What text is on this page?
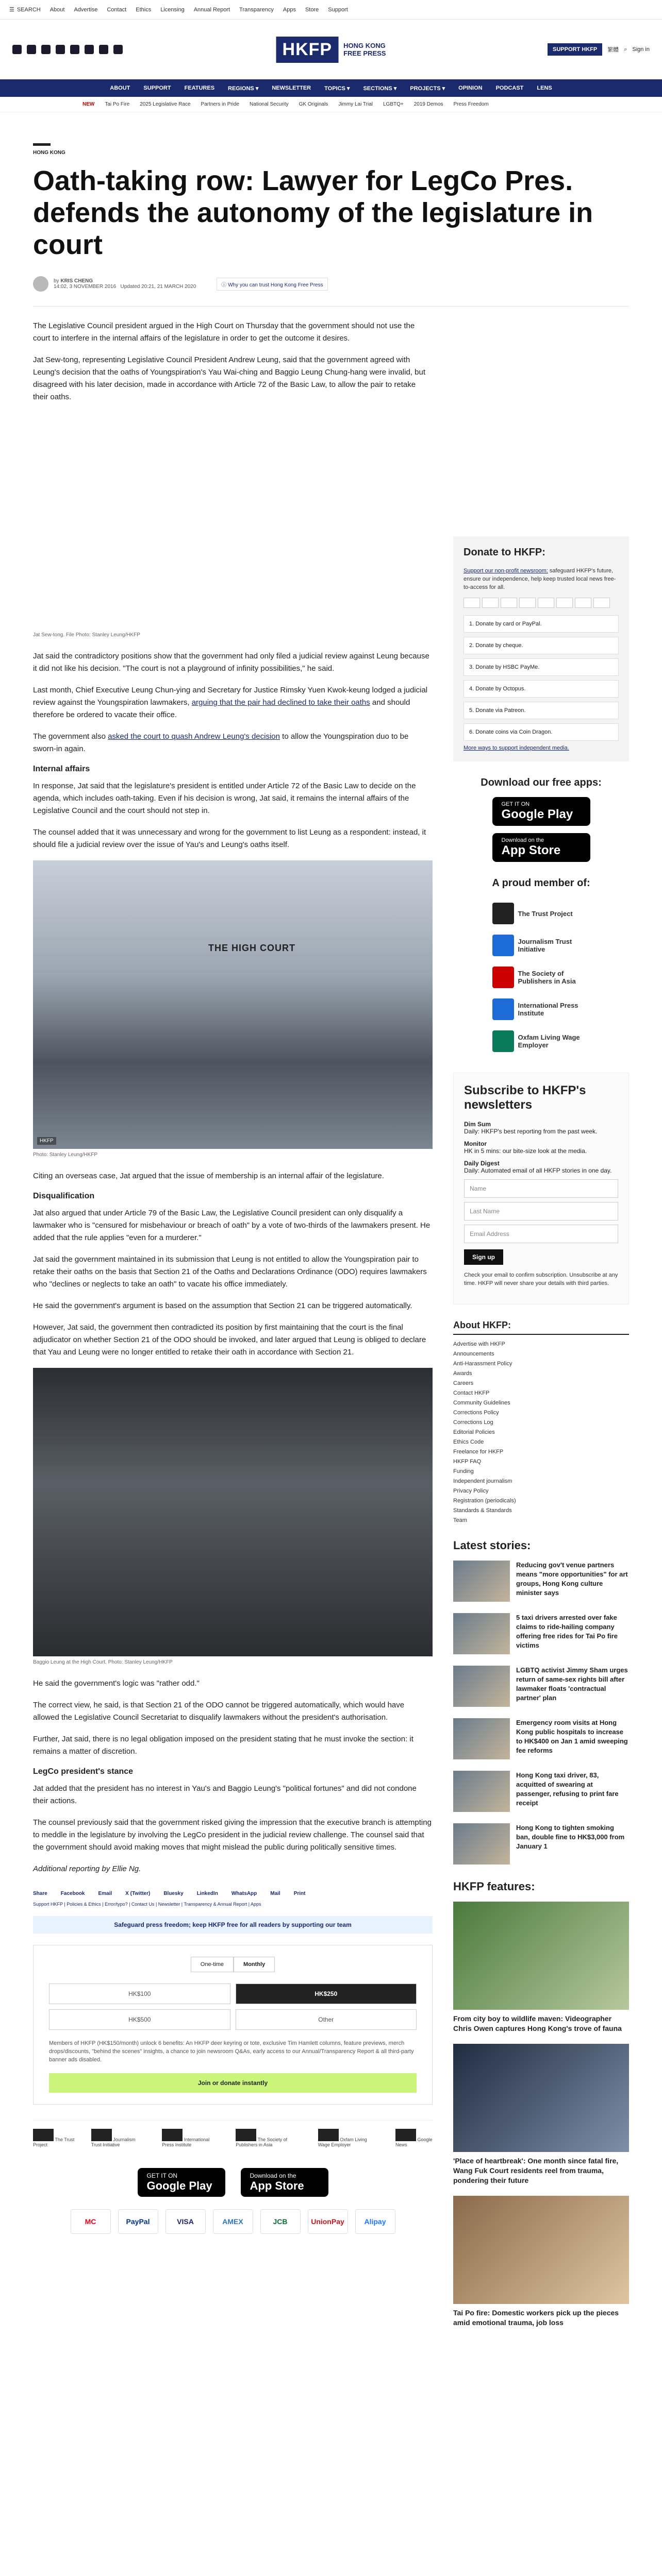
☰ SEARCH About Advertise Contact Ethics Licensing Annual Report Transparency Apps Store Support
HKFP	HONG KONG
FREE PRESS	SUPPORT HKFP	繁體 ⌕ Sign in
ABOUT SUPPORT FEATURES REGIONS ▾ NEWSLETTER TOPICS ▾ SECTIONS ▾ PROJECTS ▾ OPINION PODCAST LENS
NEW Tai Po Fire 2025 Legislative Race Partners in Pride National Security GK Originals Jimmy Lai Trial LGBTQ+ 2019 Demos Press Freedom
HONG KONG
Oath-taking row: Lawyer for LegCo Pres. defends the autonomy of the legislature in court
by KRIS CHENG
14:02, 3 NOVEMBER 2016 Updated 20:21, 21 MARCH 2020	ⓘ Why you can trust Hong Kong Free Press

The Legislative Council president argued in the High Court on Thursday that the government should not use the court to interfere in the internal affairs of the legislature in order to get the outcome it desires.

Jat Sew-tong, representing Legislative Council President Andrew Leung, said that the government agreed with Leung's decision that the oaths of Youngspiration's Yau Wai-ching and Baggio Leung Chung-hang were invalid, but disagreed with his later decision, made in accordance with Article 72 of the Basic Law, to allow the pair to retake their oaths.

Jat Sew-tong. File Photo: Stanley Leung/HKFP

Jat said the contradictory positions show that the government had only filed a judicial review against Leung because it did not like his decision. "The court is not a playground of infinity possibilities," he said.

Last month, Chief Executive Leung Chun-ying and Secretary for Justice Rimsky Yuen Kwok-keung lodged a judicial review against the Youngspiration lawmakers, arguing that the pair had declined to take their oaths and should therefore be ordered to vacate their office.

The government also asked the court to quash Andrew Leung's decision to allow the Youngspiration duo to be sworn-in again.

Internal affairs

In response, Jat said that the legislature's president is entitled under Article 72 of the Basic Law to decide on the agenda, which includes oath-taking. Even if his decision is wrong, Jat said, it remains the internal affairs of the Legislative Council and the court should not step in.

The counsel added that it was unnecessary and wrong for the government to list Leung as a respondent: instead, it should file a judicial review over the issue of Yau's and Leung's oaths itself.

THE HIGH COURT
HKFP
Photo: Stanley Leung/HKFP

Citing an overseas case, Jat argued that the issue of membership is an internal affair of the legislature.

Disqualification

Jat also argued that under Article 79 of the Basic Law, the Legislative Council president can only disqualify a lawmaker who is "censured for misbehaviour or breach of oath" by a vote of two-thirds of the lawmakers present. He added that the rule applies "even for a murderer."

Jat said the government maintained in its submission that Leung is not entitled to allow the Youngspiration pair to retake their oaths on the basis that Section 21 of the Oaths and Declarations Ordinance (ODO) requires lawmakers who "declines or neglects to take an oath" to vacate his office immediately.

He said the government's argument is based on the assumption that Section 21 can be triggered automatically.

However, Jat said, the government then contradicted its position by first maintaining that the court is the final adjudicator on whether Section 21 of the ODO should be invoked, and later argued that Leung is obliged to declare that Yau and Leung were no longer entitled to retake their oath in accordance with Section 21.

Baggio Leung at the High Court. Photo: Stanley Leung/HKFP

He said the government's logic was "rather odd."

The correct view, he said, is that Section 21 of the ODO cannot be triggered automatically, which would have allowed the Legislative Council Secretariat to disqualify lawmakers without the president's authorisation.

Further, Jat said, there is no legal obligation imposed on the president stating that he must invoke the section: it remains a matter of discretion.

LegCo president's stance

Jat added that the president has no interest in Yau's and Baggio Leung's "political fortunes" and did not condone their actions.

The counsel previously said that the government risked giving the impression that the executive branch is attempting to meddle in the legislature by involving the LegCo president in the judicial review challenge. The counsel said that the government should avoid making moves that might mislead the public during politically sensitive times.

Additional reporting by Ellie Ng.

Share	Facebook	Email	X (Twitter)	Bluesky	LinkedIn	WhatsApp	Mail	Print
Support HKFP | Policies & Ethics | Error/typo? | Contact Us | Newsletter | Transparency & Annual Report | Apps
Safeguard press freedom; keep HKFP free for all readers by supporting our team
One-time	Monthly
HK$100	HK$250
HK$500	Other
Members of HKFP (HK$150/month) unlock 6 benefits: An HKFP deer keyring or tote, exclusive Tim Hamlett columns, feature previews, merch drops/discounts, "behind the scenes" insights, a chance to join newsroom Q&As, early access to our Annual/Transparency Report & all third-party banner ads disabled.
Join or donate instantly
The Trust Project
Journalism Trust Initiative
International Press Institute
The Society of Publishers in Asia
Oxfam Living Wage Employer
Google News
GET IT ON
Google Play
Download on the
App Store
MC	PayPal	VISA	AMEX	JCB	UnionPay	Alipay
Donate to HKFP:

Support our non-profit newsroom: safeguard HKFP's future, ensure our independence, help keep trusted local news free-to-access for all.

1. Donate by card or PayPal.
2. Donate by cheque.
3. Donate by HSBC PayMe.
4. Donate by Octopus.
5. Donate via Patreon.
6. Donate coins via Coin Dragon.
More ways to support independent media.
Download our free apps:
GET IT ON
Google Play
Download on the
App Store
A proud member of:
The Trust Project
Journalism Trust Initiative
The Society of Publishers in Asia
International Press Institute
Oxfam Living Wage Employer
Subscribe to HKFP's newsletters
Dim Sum
Daily: HKFP's best reporting from the past week.
Monitor
HK in 5 mins: our bite-size look at the media.
Daily Digest
Daily: Automated email of all HKFP stories in one day.
Name
Last Name
Email Address
Sign up
Check your email to confirm subscription. Unsubscribe at any time. HKFP will never share your details with third parties.
About HKFP:
Advertise with HKFP
Announcements
Anti-Harassment Policy
Awards
Careers
Contact HKFP
Community Guidelines
Corrections Policy
Corrections Log
Editorial Policies
Ethics Code
Freelance for HKFP
HKFP FAQ
Funding
Independent journalism
Privacy Policy
Registration (periodicals)
Standards & Standards
Team
Latest stories:
Reducing gov't venue partners means "more opportunities" for art groups, Hong Kong culture minister says
5 taxi drivers arrested over fake claims to ride-hailing company offering free rides for Tai Po fire victims
LGBTQ activist Jimmy Sham urges return of same-sex rights bill after lawmaker floats 'contractual partner' plan
Emergency room visits at Hong Kong public hospitals to increase to HK$400 on Jan 1 amid sweeping fee reforms
Hong Kong taxi driver, 83, acquitted of swearing at passenger, refusing to print fare receipt
Hong Kong to tighten smoking ban, double fine to HK$3,000 from January 1
HKFP features:
From city boy to wildlife maven: Videographer Chris Owen captures Hong Kong's trove of fauna
'Place of heartbreak': One month since fatal fire, Wang Fuk Court residents reel from trauma, pondering their future
Tai Po fire: Domestic workers pick up the pieces amid emotional trauma, job loss
